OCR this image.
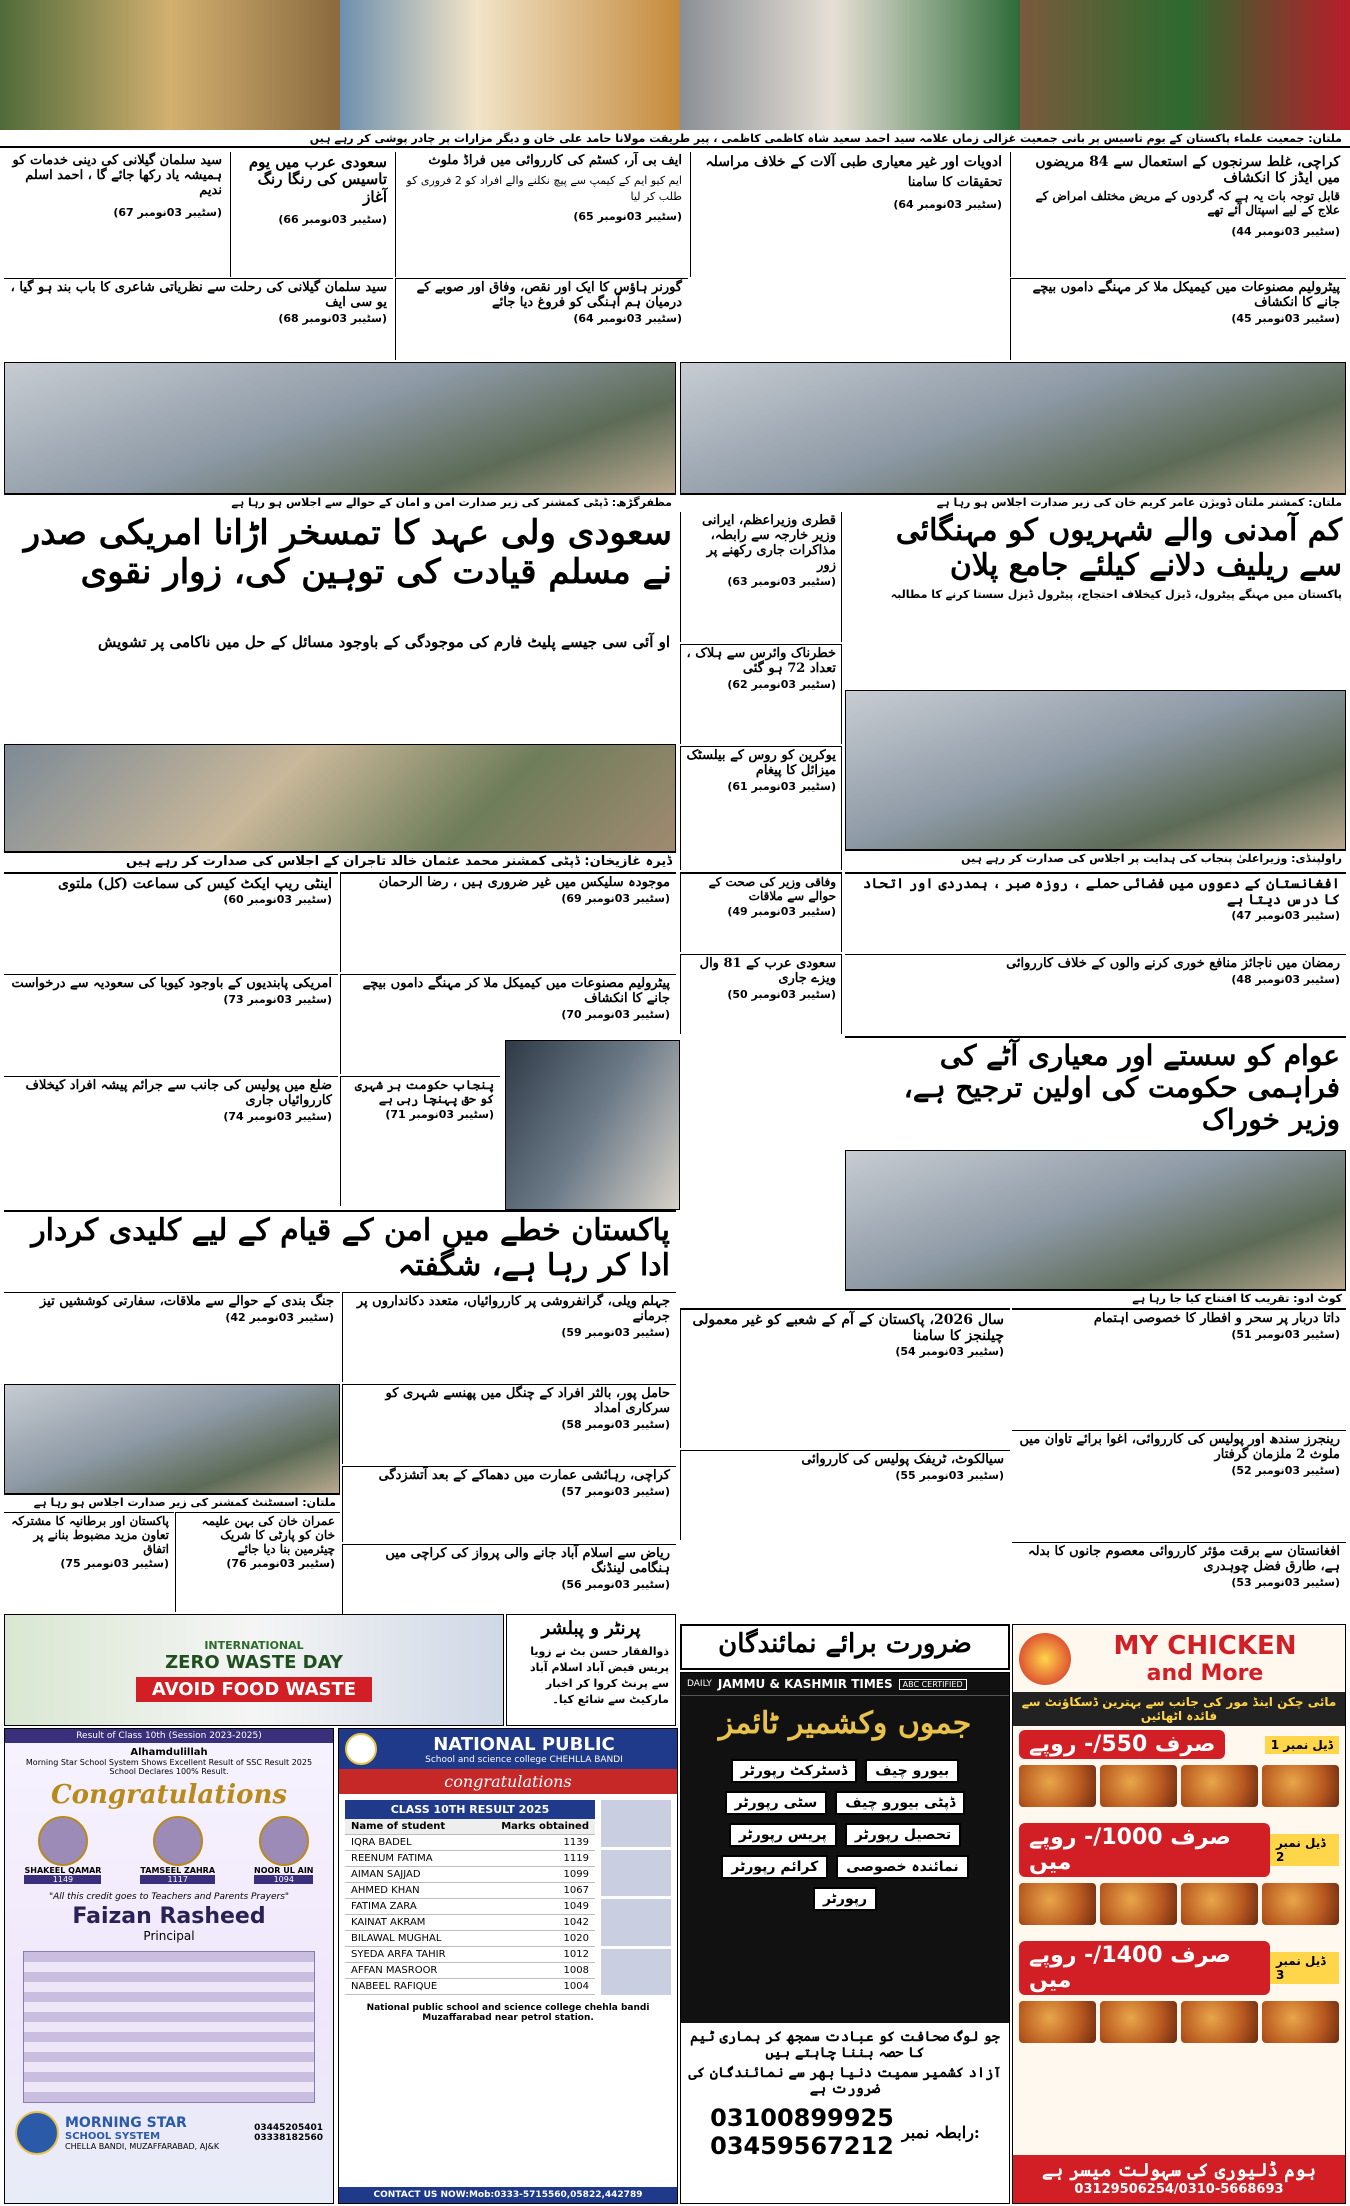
ملتان: جمعیت علماء پاکستان کے یوم تاسیس پر بانی جمعیت غزالی زماں علامہ سید احمد سعید شاہ کاظمی کاظمی ، پیر طریقت مولانا حامد علی خان و دیگر مزارات پر چادر پوشی کر رہے ہیں
کراچی، غلط سرنجوں کے استعمال سے 84 مریضوں میں ایڈز کا انکشاف
قابل توجہ بات یہ ہے کہ گردوں کے مریض مختلف امراض کے علاج کے لیے اسپتال آئے تھے
(سٹیبر 03نومبر 44)
ادویات اور غیر معیاری طبی آلات کے خلاف مراسلہ
تحقیقات کا سامنا
(سٹیبر 03نومبر 64)
ایف بی آر، کسٹم کی کارروائی میں فراڈ ملوث
ایم کیو ایم کے کیمپ سے پیچ نکلنے والے افراد کو 2 فروری کو طلب کر لیا
(سٹیبر 03نومبر 65)
سعودی عرب میں یوم تاسیس کی رنگا رنگ آغاز
(سٹیبر 03نومبر 66)
سید سلمان گیلانی کی دینی خدمات کو ہمیشہ یاد رکھا جائے گا ، احمد اسلم ندیم
(سٹیبر 03نومبر 67)
پیٹرولیم مصنوعات میں کیمیکل ملا کر مہنگے داموں بیچے جانے کا انکشاف
(سٹیبر 03نومبر 45)
گورنر ہاؤس کا ایک اور نقص، وفاق اور صوبے کے درمیان ہم آہنگی کو فروغ دیا جائے
(سٹیبر 03نومبر 64)
سید سلمان گیلانی کی رحلت سے نظریاتی شاعری کا باب بند ہو گیا ، یو سی ایف
(سٹیبر 03نومبر 68)
ملتان: کمشنر ملتان ڈویژن عامر کریم خان کی زیر صدارت اجلاس ہو رہا ہے
مظفرگڑھ: ڈپٹی کمشنر کی زیر صدارت امن و امان کے حوالے سے اجلاس ہو رہا ہے
کم آمدنی والے شہریوں کو مہنگائی سے ریلیف دلانے کیلئے جامع پلان
پاکستان میں مہنگے پیٹرول، ڈیزل کیخلاف احتجاج، پیٹرول ڈیزل سستا کرنے کا مطالبہ
قطری وزیراعظم، ایرانی وزیر خارجہ سے رابطہ، مذاکرات جاری رکھنے پر زور
(سٹیبر 03نومبر 63)
سعودی ولی عہد کا تمسخر اڑانا امریکی صدر نے مسلم قیادت کی توہین کی، زوار نقوی
او آئی سی جیسے پلیٹ فارم کی موجودگی کے باوجود مسائل کے حل میں ناکامی پر تشویش
ڈیرہ غازیخان: ڈپٹی کمشنر محمد عثمان خالد تاجران کے اجلاس کی صدارت کر رہے ہیں
خطرناک وائرس سے ہلاک ، تعداد 72 ہو گئی
(سٹیبر 03نومبر 62)
یوکرین کو روس کے بیلسٹک میزائل کا پیغام
(سٹیبر 03نومبر 61)
راولپنڈی: وزیراعلیٰ پنجاب کی ہدایت پر اجلاس کی صدارت کر رہے ہیں
افغانستان کے دعووں میں فضائی حملے ، روزہ صبر ، ہمدردی اور اتحاد کا درس دیتا ہے
(سٹیبر 03نومبر 47)
وفاقی وزیر کی صحت کے حوالے سے ملاقات
(سٹیبر 03نومبر 49)
سعودی عرب کے 81 وال ویزے جاری
(سٹیبر 03نومبر 50)
رمضان میں ناجائز منافع خوری کرنے والوں کے خلاف کارروائی
(سٹیبر 03نومبر 48)
موجودہ سلیکس میں غیر ضروری ہیں ، رضا الرحمان
(سٹیبر 03نومبر 69)
اینٹی ریپ ایکٹ کیس کی سماعت (کل) ملتوی
(سٹیبر 03نومبر 60)
پیٹرولیم مصنوعات میں کیمیکل ملا کر مہنگے داموں بیچے جانے کا انکشاف
(سٹیبر 03نومبر 70)
امریکی پابندیوں کے باوجود کیوبا کی سعودیہ سے درخواست
(سٹیبر 03نومبر 73)
عوام کو سستے اور معیاری آٹے کی فراہمی حکومت کی اولین ترجیح ہے، وزیر خوراک
کوٹ ادو: تقریب کا افتتاح کیا جا رہا ہے
پنجاب حکومت ہر شہری کو حق پہنچا رہی ہے
(سٹیبر 03نومبر 71)
ضلع میں پولیس کی جانب سے جرائم پیشہ افراد کیخلاف کارروائیاں جاری
(سٹیبر 03نومبر 74)
پاکستان خطے میں امن کے قیام کے لیے کلیدی کردار ادا کر رہا ہے، شگفتہ
جنگ بندی کے حوالے سے ملاقات، سفارتی کوششیں تیز
(سٹیبر 03نومبر 42)
جہلم ویلی، گرانفروشی پر کارروائیاں، متعدد دکانداروں پر جرمانے
(سٹیبر 03نومبر 59)
ملتان: اسسٹنٹ کمشنر کی زیر صدارت اجلاس ہو رہا ہے
حامل پور، بالثر افراد کے چنگل میں پھنسے شہری کو سرکاری امداد
(سٹیبر 03نومبر 58)
کراچی، رہائشی عمارت میں دھماکے کے بعد آتشزدگی
(سٹیبر 03نومبر 57)
ریاض سے اسلام آباد جانے والی پرواز کی کراچی میں ہنگامی لینڈنگ
(سٹیبر 03نومبر 56)
سال 2026، پاکستان کے آم کے شعبے کو غیر معمولی چیلنجز کا سامنا
(سٹیبر 03نومبر 54)
سیالکوٹ، ٹریفک پولیس کی کارروائی
(سٹیبر 03نومبر 55)
داتا دربار پر سحر و افطار کا خصوصی اہتمام
(سٹیبر 03نومبر 51)
رینجرز سندھ اور پولیس کی کارروائی، اغوا برائے تاوان میں ملوث 2 ملزمان گرفتار
(سٹیبر 03نومبر 52)
افغانستان سے برقت مؤثر کارروائی معصوم جانوں کا بدلہ ہے، طارق فضل چوہدری
(سٹیبر 03نومبر 53)
عمران خان کی بہن علیمہ خان کو پارٹی کا شریک چیئرمین بنا دیا جائے
(سٹیبر 03نومبر 76)
پاکستان اور برطانیہ کا مشترکہ تعاون مزید مضبوط بنانے پر اتفاق
(سٹیبر 03نومبر 75)
INTERNATIONAL
ZERO WASTE DAY
AVOID FOOD WASTE
پرنٹر و پبلشر
ذوالفقار حسن بٹ نے زویا پریس فیض آباد اسلام آباد سے پرنٹ کروا کر اخبار مارکیٹ سے شائع کیا۔
ضرورت برائے نمائندگان
Result of Class 10th (Session 2023-2025)
Alhamdulillah
Morning Star School System Shows Excellent Result of SSC Result 2025 School Declares 100% Result.
Congratulations
SHAKEEL QAMAR
1149
TAMSEEL ZAHRA
1117
NOOR UL AIN
1094
"All this credit goes to Teachers and Parents Prayers"
Faizan Rasheed
Principal
MORNING STAR
SCHOOL SYSTEM
CHELLA BANDI, MUZAFFARABAD, AJ&K
03445205401
03338182560
NATIONAL PUBLIC
School and science college CHEHLLA BANDI
congratulations
CLASS 10TH RESULT 2025
Name of student	Marks obtained
IQRA BADEL	1139
REENUM FATIMA	1119
AIMAN SAJJAD	1099
AHMED KHAN	1067
FATIMA ZARA	1049
KAINAT AKRAM	1042
BILAWAL MUGHAL	1020
SYEDA ARFA TAHIR	1012
AFFAN MASROOR	1008
NABEEL RAFIQUE	1004
National public school and science college chehla bandi Muzaffarabad near petrol station.
CONTACT US NOW:Mob:0333-5715560,05822,442789
DAILY JAMMU & KASHMIR TIMES	ABC CERTIFIED
جموں وکشمیر ٹائمز
بیورو چیف
ڈسٹرکٹ رپورٹر
ڈپٹی بیورو چیف
سٹی رپورٹر
تحصیل رپورٹر
پریس رپورٹر
نمائندہ خصوصی
کرائم رپورٹر
رپورٹر
جو لوگ صحافت کو عبادت سمجھ کر ہماری ٹیم کا حصہ بننا چاہتے ہیں
آزاد کشمیر سمیت دنیا بھر سے نمائندگان کی ضرورت ہے
03100899925
03459567212 رابطہ نمبر:
MY CHICKEN
and More
مائی چکن اینڈ مور کی جانب سے بہترین ڈسکاؤنٹ سے فائدہ اٹھائیں
صرف 550/- روپے	ڈیل نمبر 1
صرف 1000/- روپے میں
ڈیل نمبر 2
صرف 1400/- روپے میں
ڈیل نمبر 3
ہوم ڈلیوری کی سہولت میسر ہے
03129506254/0310-5668693
